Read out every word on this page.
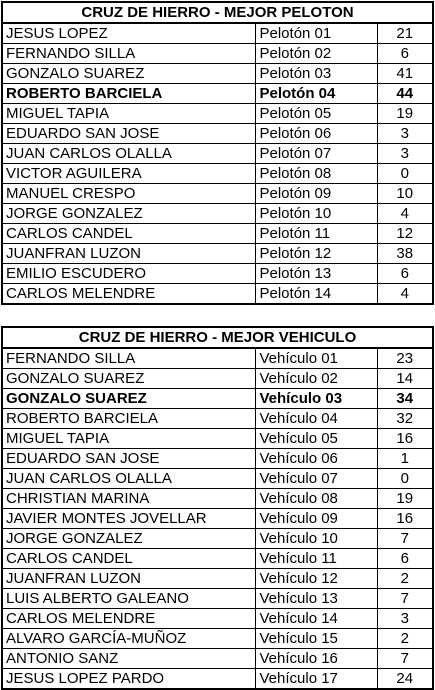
CRUZ DE HIERRO - MEJOR PELOTON		
JESUS LOPEZ	Pelotón 01	21
FERNANDO SILLA	Pelotón 02	6
GONZALO SUAREZ	Pelotón 03	41
ROBERTO BARCIELA	Pelotón 04	44
MIGUEL TAPIA	Pelotón 05	19
EDUARDO SAN JOSE	Pelotón 06	3
JUAN CARLOS OLALLA	Pelotón 07	3
VICTOR AGUILERA	Pelotón 08	0
MANUEL CRESPO	Pelotón 09	10
JORGE GONZALEZ	Pelotón 10	4
CARLOS CANDEL	Pelotón 11	12
JUANFRAN LUZON	Pelotón 12	38
EMILIO ESCUDERO	Pelotón 13	6
CARLOS MELENDRE	Pelotón 14	4
CRUZ DE HIERRO - MEJOR VEHICULO		
FERNANDO SILLA	Vehículo 01	23
GONZALO SUAREZ	Vehículo 02	14
GONZALO SUAREZ	Vehículo 03	34
ROBERTO BARCIELA	Vehículo 04	32
MIGUEL TAPIA	Vehículo 05	16
EDUARDO SAN JOSE	Vehículo 06	1
JUAN CARLOS OLALLA	Vehículo 07	0
CHRISTIAN MARINA	Vehículo 08	19
JAVIER MONTES JOVELLAR	Vehículo 09	16
JORGE GONZALEZ	Vehículo 10	7
CARLOS CANDEL	Vehículo 11	6
JUANFRAN LUZON	Vehículo 12	2
LUIS ALBERTO GALEANO	Vehículo 13	7
CARLOS MELENDRE	Vehículo 14	3
ALVARO GARCÍA-MUÑOZ	Vehículo 15	2
ANTONIO SANZ	Vehículo 16	7
JESUS LOPEZ PARDO	Vehículo 17	24
